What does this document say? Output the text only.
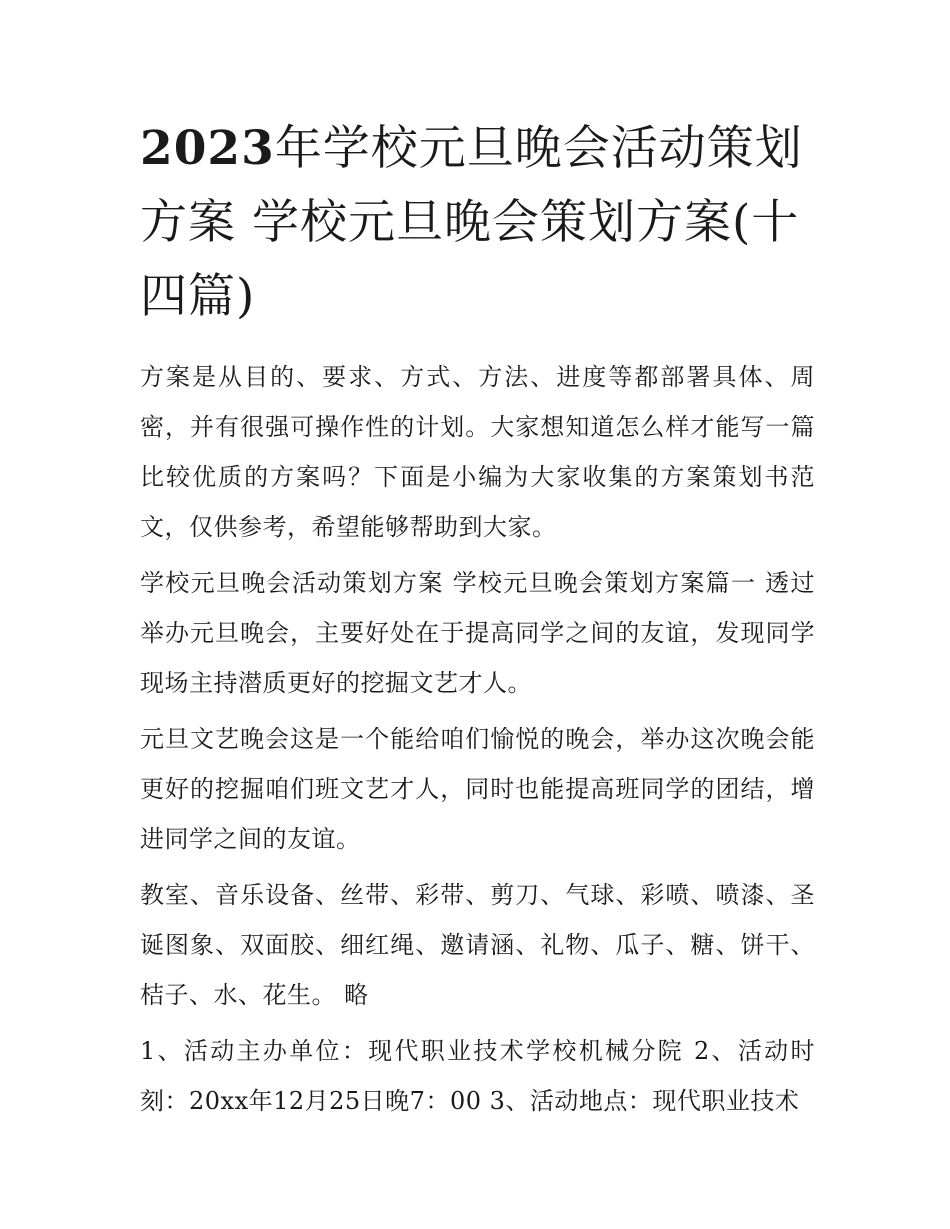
2023年学校元旦晚会活动策划方案 学校元旦晚会策划方案(十四篇)

方案是从目的、要求、方式、方法、进度等都部署具体、周密，并有很强可操作性的计划。大家想知道怎么样才能写一篇比较优质的方案吗？下面是小编为大家收集的方案策划书范文，仅供参考，希望能够帮助到大家。

学校元旦晚会活动策划方案 学校元旦晚会策划方案篇一 透过举办元旦晚会，主要好处在于提高同学之间的友谊，发现同学现场主持潜质更好的挖掘文艺才人。

元旦文艺晚会这是一个能给咱们愉悦的晚会，举办这次晚会能更好的挖掘咱们班文艺才人，同时也能提高班同学的团结，增进同学之间的友谊。

教室、音乐设备、丝带、彩带、剪刀、气球、彩喷、喷漆、圣诞图象、双面胶、细红绳、邀请涵、礼物、瓜子、糖、饼干、桔子、水、花生。 略

1、活动主办单位：现代职业技术学校机械分院 2、活动时刻：20xx年12月25日晚7：00 3、活动地点：现代职业技术
